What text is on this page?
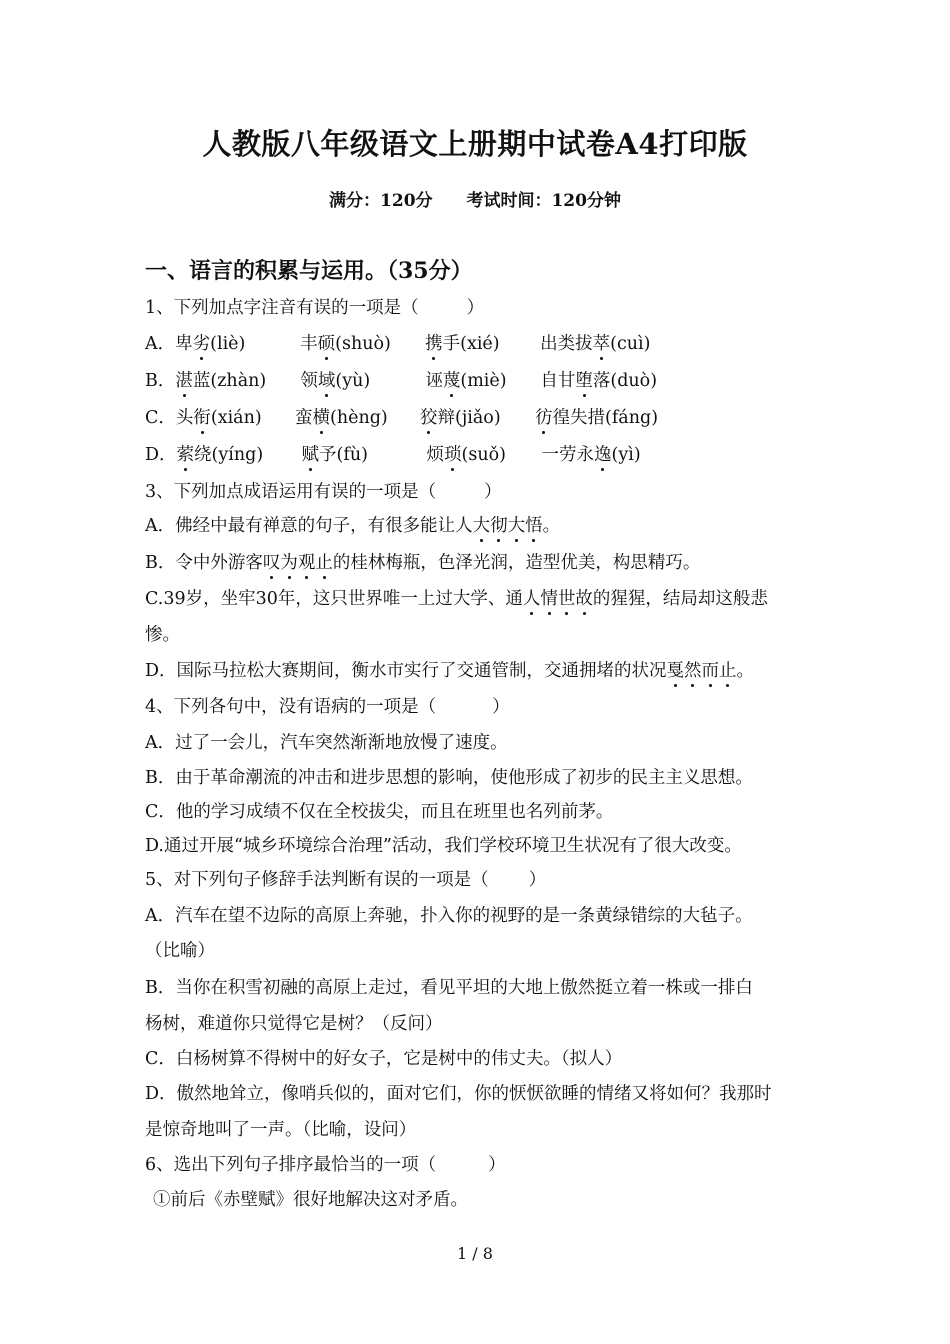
人教版八年级语文上册期中试卷A4打印版
满分：120分 考试时间：120分钟
一、语言的积累与运用。（35分）
1、下列加点字注音有误的一项是（	）
A．卑劣(liè)	丰硕(shuò) 携手(xié) 出类拔萃(cuì)
B．湛蓝(zhàn) 领域(yù)	诬蔑(miè) 自甘堕落(duò)
C．头衔(xián) 蛮横(hèng) 狡辩(jiǎo) 彷徨失措(fáng)
D．萦绕(yíng) 赋予(fù)	烦琐(suǒ) 一劳永逸(yì)
3、下列加点成语运用有误的一项是（	）
A．佛经中最有禅意的句子，有很多能让人大彻大悟。
B．令中外游客叹为观止的桂林梅瓶，色泽光润，造型优美，构思精巧。
C.39岁，坐牢30年，这只世界唯一上过大学、通人情世故的猩猩，结局却这般悲
惨。
D．国际马拉松大赛期间，衡水市实行了交通管制，交通拥堵的状况戛然而止。
4、下列各句中，没有语病的一项是（	）
A．过了一会儿，汽车突然渐渐地放慢了速度。
B．由于革命潮流的冲击和进步思想的影响，使他形成了初步的民主主义思想。
C．他的学习成绩不仅在全校拔尖，而且在班里也名列前茅。
D.通过开展“城乡环境综合治理”活动，我们学校环境卫生状况有了很大改变。
5、对下列句子修辞手法判断有误的一项是（ ）
A．汽车在望不边际的高原上奔驰，扑入你的视野的是一条黄绿错综的大毡子。
（比喻）
B．当你在积雪初融的高原上走过，看见平坦的大地上傲然挺立着一株或一排白
杨树，难道你只觉得它是树？（反问）
C．白杨树算不得树中的好女子，它是树中的伟丈夫。（拟人）
D．傲然地耸立，像哨兵似的，面对它们，你的恹恹欲睡的情绪又将如何？我那时
是惊奇地叫了一声。（比喻，设问）
6、选出下列句子排序最恰当的一项（	）
①前后《赤壁赋》很好地解决这对矛盾。
1 / 8
